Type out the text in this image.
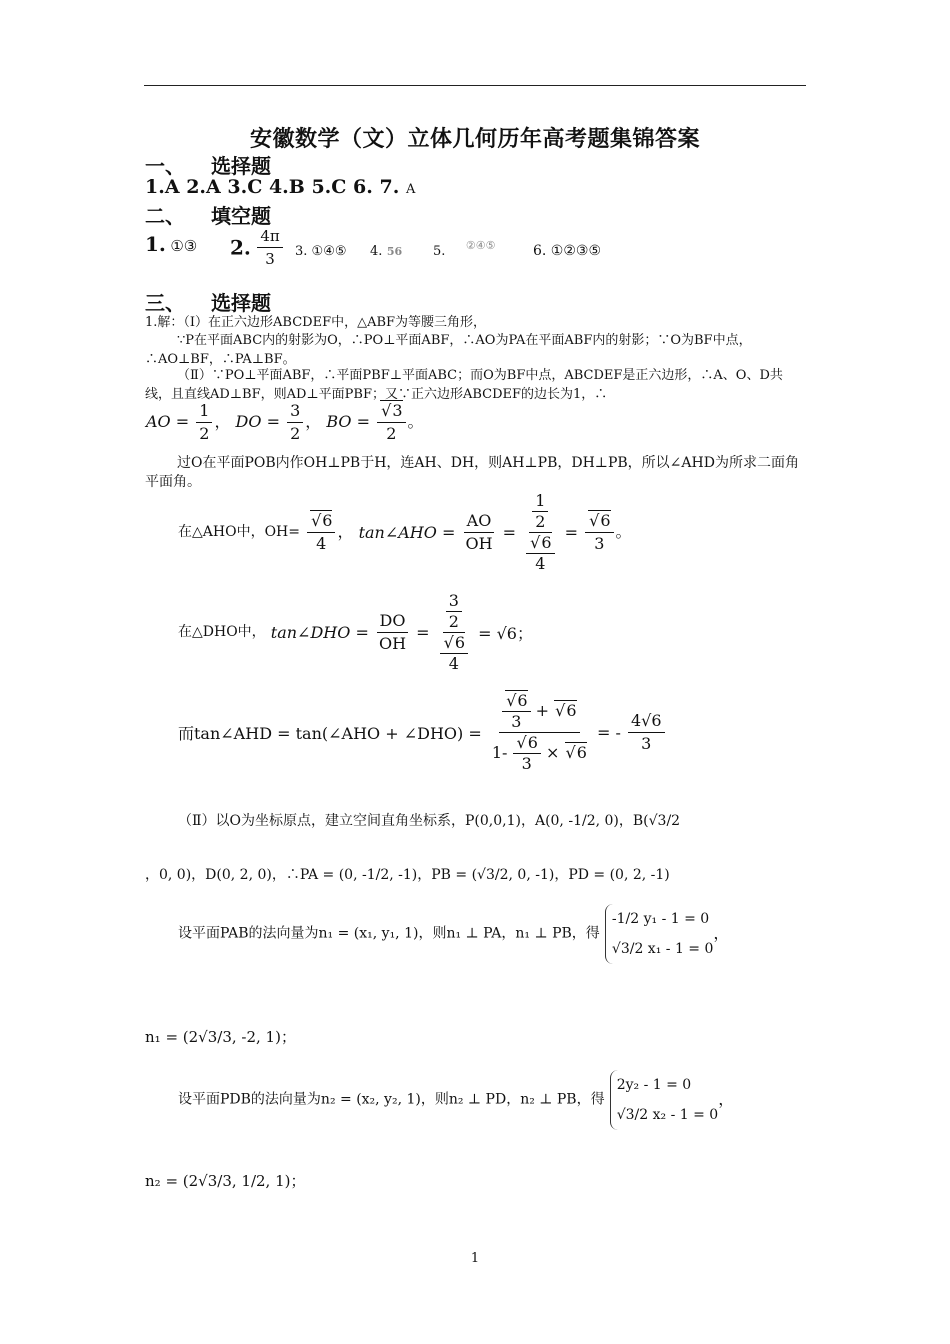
安徽数学（文）立体几何历年高考题集锦答案
一、 选择题
1.A 2.A 3.C 4.B 5.C 6. 7. A
二、 填空题
1. ①③ 2. $\frac{4\pi}{3} 3$. ①④⑤ 4. 56 5. ②④⑤	6. ①②③⑤
三、 选择题
1.解：（Ⅰ）在正六边形ABCDEF中，△ABF为等腰三角形，
∵P在平面ABC内的射影为O，∴PO⊥平面ABF，∴AO为PA在平面ABF内的射影；∵O为BF中点，∴AO⊥BF，∴PA⊥BF。
（Ⅱ）∵PO⊥平面ABF，∴平面PBF⊥平面ABC；而O为BF中点，ABCDEF是正六边形，∴A、O、D共线，且直线AD⊥BF，则AD⊥平面PBF；又∵正六边形ABCDEF的边长为1，∴
AO = $\frac{1}{2}$ ， DO = $\frac{3}{2}$ ， BO =
√ $\frac{3}{2}$ 。
过O在平面POB内作OH⊥PB于H，连AH、DH，则AH⊥PB，DH⊥PB，所以∠AHD为所求二面角平面角。
在△AHO中，OH=
√ $\frac{6}{4}$ ， tan∠AHO = $\frac{AO}{OH} = \frac{1}{2}$
√ $\frac{6}{4}$ =
√ $\frac{6}{3}$ 。
在△DHO中， tan∠DHO = $\frac{DO}{OH} = \frac{3}{2}$
√ $\frac{6}{4} = √6$；
而tan∠AHD = tan(∠AHO + ∠DHO) =
√ $\frac{6}{3}$ + √ 6
1-
√ $\frac{6}{3}$ × √ 6 = - $\frac{4√6}{3}$
（Ⅱ）以O为坐标原点，建立空间直角坐标系，P(0,0,1)，A(0, -1/2, 0)，B(√3/2
，0, 0)，D(0, 2, 0)，∴PA = (0, -1/2, -1)，PB = (√3/2, 0, -1)，PD = (0, 2, -1)
设平面PAB的法向量为n₁ = (x₁, y₁, 1)，则n₁ ⊥ PA，n₁ ⊥ PB，得
-1/2 y₁ - 1 = 0
√3/2 x₁ - 1 = 0
，
n₁ = (2√3/3, -2, 1)；
设平面PDB的法向量为n₂ = (x₂, y₂, 1)，则n₂ ⊥ PD，n₂ ⊥ PB，得
2y₂ - 1 = 0
√3/2 x₂ - 1 = 0
，
n₂ = (2√3/3, 1/2, 1)；
1
